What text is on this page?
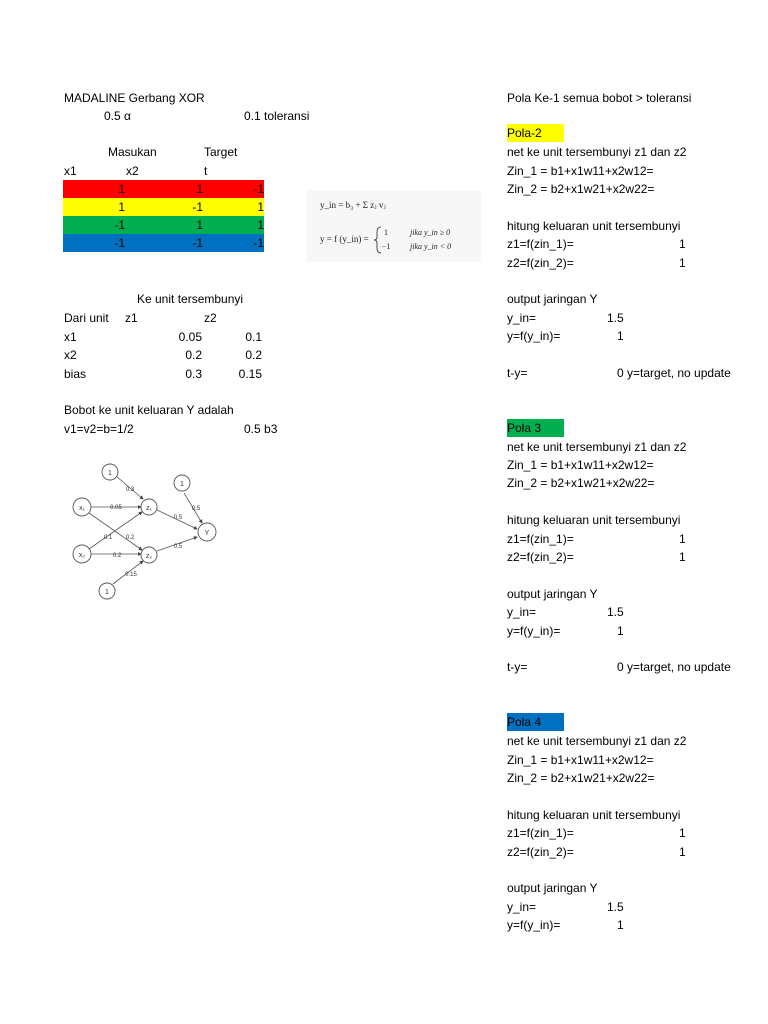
MADALINE Gerbang XOR
0.5 α	0.1 toleransi
Masukan	Target
x1	x2	t
1	1	-1
1	-1	1
-1	1	1
-1	-1	-1
y_in = b₃ + Σ zⱼ vⱼ
y = f (y_in) =
1	jika y_in ≥ 0
−1 jika y_in < 0
Ke unit tersembunyi
Dari unit z1	z2
x1	0.05	0.1
x2	0.2	0.2
bias	0.3	0.15
Bobot ke unit keluaran Y adalah
v1=v2=b=1/2	0.5 b3
1
x₁
x₂
1
z₁
z₂
1
Y
0.3
0.05
0.1 0.2
0.2
0.15
0.5
0.5
0.5
Pola Ke-1 semua bobot > toleransi
Pola-2
net ke unit tersembunyi z1 dan z2
Zin_1 = b1+x1w11+x2w12=
Zin_2 = b2+x1w21+x2w22=
hitung keluaran unit tersembunyi
z1=f(zin_1)=	1
z2=f(zin_2)=	1
output jaringan Y
y_in=	1.5
y=f(y_in)=	1
t-y=	0 y=target, no update
Pola 3
net ke unit tersembunyi z1 dan z2
Zin_1 = b1+x1w11+x2w12=
Zin_2 = b2+x1w21+x2w22=
hitung keluaran unit tersembunyi
z1=f(zin_1)=	1
z2=f(zin_2)=	1
output jaringan Y
y_in=	1.5
y=f(y_in)=	1
t-y=	0 y=target, no update
Pola 4
net ke unit tersembunyi z1 dan z2
Zin_1 = b1+x1w11+x2w12=
Zin_2 = b2+x1w21+x2w22=
hitung keluaran unit tersembunyi
z1=f(zin_1)=	1
z2=f(zin_2)=	1
output jaringan Y
y_in=	1.5
y=f(y_in)=	1
